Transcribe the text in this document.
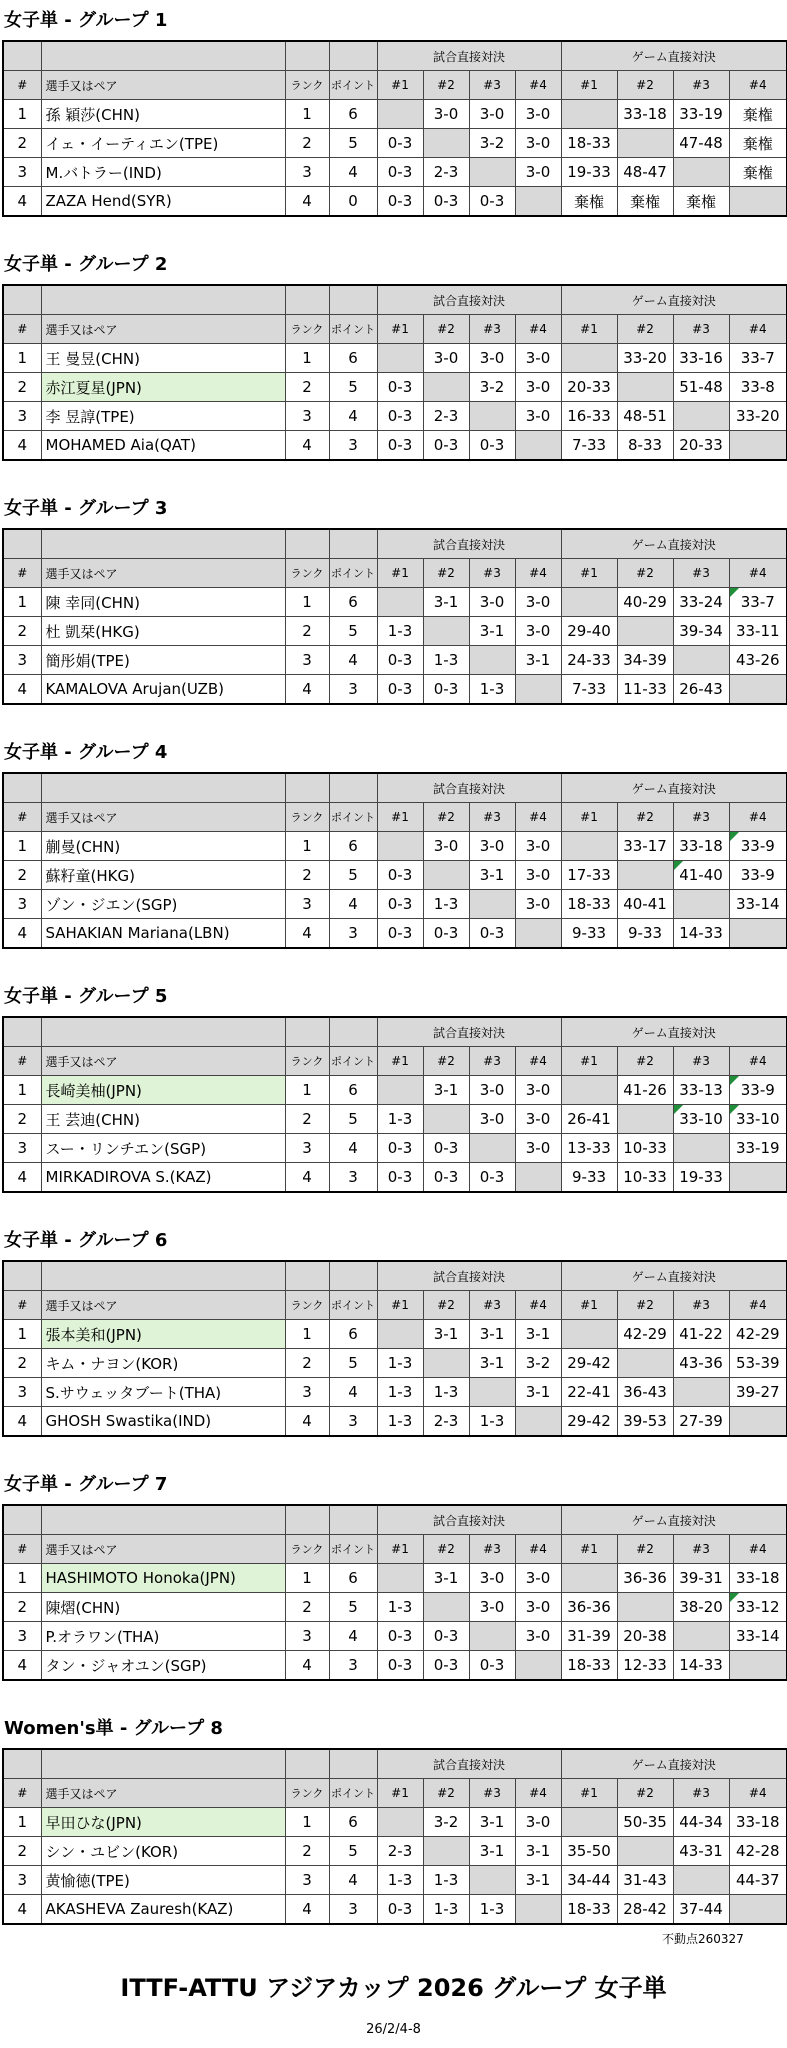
女子単 - グループ 1
				試合直接対決				ゲーム直接対決			
#	選手又はペア	ランク	ポイント	#1	#2	#3	#4	#1	#2	#3	#4
1	孫 穎莎(CHN)	1	6		3-0	3-0	3-0		33-18	33-19	棄権
2	イェ・イーティエン(TPE)	2	5	0-3		3-2	3-0	18-33		47-48	棄権
3	M.バトラー(IND)	3	4	0-3	2-3		3-0	19-33	48-47		棄権
4	ZAZA Hend(SYR)	4	0	0-3	0-3	0-3		棄権	棄権	棄権	
女子単 - グループ 2
				試合直接対決				ゲーム直接対決			
#	選手又はペア	ランク	ポイント	#1	#2	#3	#4	#1	#2	#3	#4
1	王 曼昱(CHN)	1	6		3-0	3-0	3-0		33-20	33-16	33-7
2	赤江夏星(JPN)	2	5	0-3		3-2	3-0	20-33		51-48	33-8
3	李 昱諄(TPE)	3	4	0-3	2-3		3-0	16-33	48-51		33-20
4	MOHAMED Aia(QAT)	4	3	0-3	0-3	0-3		7-33	8-33	20-33	
女子単 - グループ 3
				試合直接対決				ゲーム直接対決			
#	選手又はペア	ランク	ポイント	#1	#2	#3	#4	#1	#2	#3	#4
1	陳 幸同(CHN)	1	6		3-1	3-0	3-0		40-29	33-24	33-7
2	杜 凱栞(HKG)	2	5	1-3		3-1	3-0	29-40		39-34	33-11
3	簡彤娟(TPE)	3	4	0-3	1-3		3-1	24-33	34-39		43-26
4	KAMALOVA Arujan(UZB)	4	3	0-3	0-3	1-3		7-33	11-33	26-43	
女子単 - グループ 4
				試合直接対決				ゲーム直接対決			
#	選手又はペア	ランク	ポイント	#1	#2	#3	#4	#1	#2	#3	#4
1	蒯曼(CHN)	1	6		3-0	3-0	3-0		33-17	33-18	33-9
2	蘇籽童(HKG)	2	5	0-3		3-1	3-0	17-33		41-40	33-9
3	ゾン・ジエン(SGP)	3	4	0-3	1-3		3-0	18-33	40-41		33-14
4	SAHAKIAN Mariana(LBN)	4	3	0-3	0-3	0-3		9-33	9-33	14-33	
女子単 - グループ 5
				試合直接対決				ゲーム直接対決			
#	選手又はペア	ランク	ポイント	#1	#2	#3	#4	#1	#2	#3	#4
1	長崎美柚(JPN)	1	6		3-1	3-0	3-0		41-26	33-13	33-9
2	王 芸迪(CHN)	2	5	1-3		3-0	3-0	26-41		33-10	33-10
3	スー・リンチエン(SGP)	3	4	0-3	0-3		3-0	13-33	10-33		33-19
4	MIRKADIROVA S.(KAZ)	4	3	0-3	0-3	0-3		9-33	10-33	19-33	
女子単 - グループ 6
				試合直接対決				ゲーム直接対決			
#	選手又はペア	ランク	ポイント	#1	#2	#3	#4	#1	#2	#3	#4
1	張本美和(JPN)	1	6		3-1	3-1	3-1		42-29	41-22	42-29
2	キム・ナヨン(KOR)	2	5	1-3		3-1	3-2	29-42		43-36	53-39
3	S.サウェッタブート(THA)	3	4	1-3	1-3		3-1	22-41	36-43		39-27
4	GHOSH Swastika(IND)	4	3	1-3	2-3	1-3		29-42	39-53	27-39	
女子単 - グループ 7
				試合直接対決				ゲーム直接対決			
#	選手又はペア	ランク	ポイント	#1	#2	#3	#4	#1	#2	#3	#4
1	HASHIMOTO Honoka(JPN)	1	6		3-1	3-0	3-0		36-36	39-31	33-18
2	陳熠(CHN)	2	5	1-3		3-0	3-0	36-36		38-20	33-12
3	P.オラワン(THA)	3	4	0-3	0-3		3-0	31-39	20-38		33-14
4	タン・ジャオユン(SGP)	4	3	0-3	0-3	0-3		18-33	12-33	14-33	
Women's単 - グループ 8
				試合直接対決				ゲーム直接対決			
#	選手又はペア	ランク	ポイント	#1	#2	#3	#4	#1	#2	#3	#4
1	早田ひな(JPN)	1	6		3-2	3-1	3-0		50-35	44-34	33-18
2	シン・ユビン(KOR)	2	5	2-3		3-1	3-1	35-50		43-31	42-28
3	黄愉徳(TPE)	3	4	1-3	1-3		3-1	34-44	31-43		44-37
4	AKASHEVA Zauresh(KAZ)	4	3	0-3	1-3	1-3		18-33	28-42	37-44	
不動点260327
ITTF-ATTU アジアカップ 2026 グループ 女子単
26/2/4-8
